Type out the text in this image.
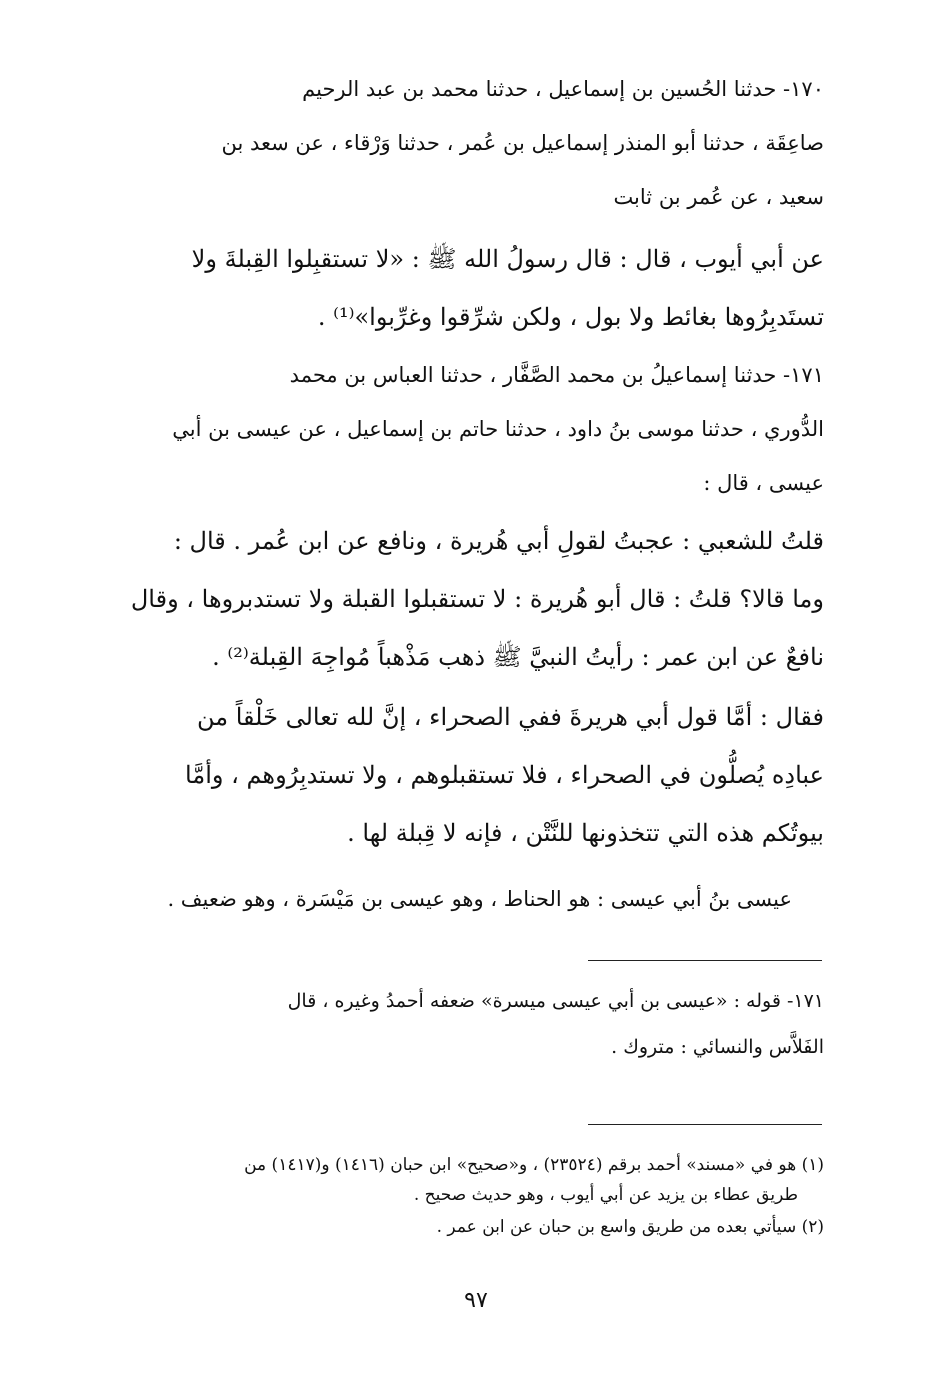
١٧٠- حدثنا الحُسين بن إسماعيل ، حدثنا محمد بن عبد الرحيم
صاعِقَة ، حدثنا أبو المنذر إسماعيل بن عُمر ، حدثنا وَرْقاء ، عن سعد بن
سعيد ، عن عُمر بن ثابت
عن أبي أيوب ، قال : قال رسولُ الله ﷺ : «لا تستقبِلوا القِبلةَ ولا
تستَدبِرُوها بغائط ولا بول ، ولكن شرِّقوا وغرِّبوا»⁽¹⁾ .
١٧١- حدثنا إسماعيلُ بن محمد الصَّفَّار ، حدثنا العباس بن محمد
الدُّوري ، حدثنا موسى بنُ داود ، حدثنا حاتم بن إسماعيل ، عن عيسى بن أبي
عيسى ، قال :
قلتُ للشعبي : عجبتُ لقولِ أبي هُريرة ، ونافع عن ابن عُمر . قال :
وما قالا؟ قلتُ : قال أبو هُريرة : لا تستقبلوا القبلة ولا تستدبروها ، وقال
نافعٌ عن ابن عمر : رأيتُ النبيَّ ﷺ ذهب مَذْهباً مُواجِهَ القِبلة⁽²⁾ .
فقال : أمَّا قول أبي هريرةَ ففي الصحراء ، إنَّ لله تعالى خَلْقاً من
عبادِه يُصلُّون في الصحراء ، فلا تستقبلوهم ، ولا تستدبِرُوهم ، وأمَّا
بيوتُكم هذه التي تتخذونها للنَّتْن ، فإنه لا قِبلة لها .
عيسى بنُ أبي عيسى : هو الحناط ، وهو عيسى بن مَيْسَرة ، وهو ضعيف .
١٧١- قوله : «عيسى بن أبي عيسى ميسرة» ضعفه أحمدُ وغيره ، قال
الفَلاَّس والنسائي : متروك .
(١) هو في «مسند» أحمد برقم (٢٣٥٢٤) ، و«صحيح» ابن حبان (١٤١٦) و(١٤١٧) من
طريق عطاء بن يزيد عن أبي أيوب ، وهو حديث صحيح .
(٢) سيأتي بعده من طريق واسع بن حبان عن ابن عمر .
٩٧
